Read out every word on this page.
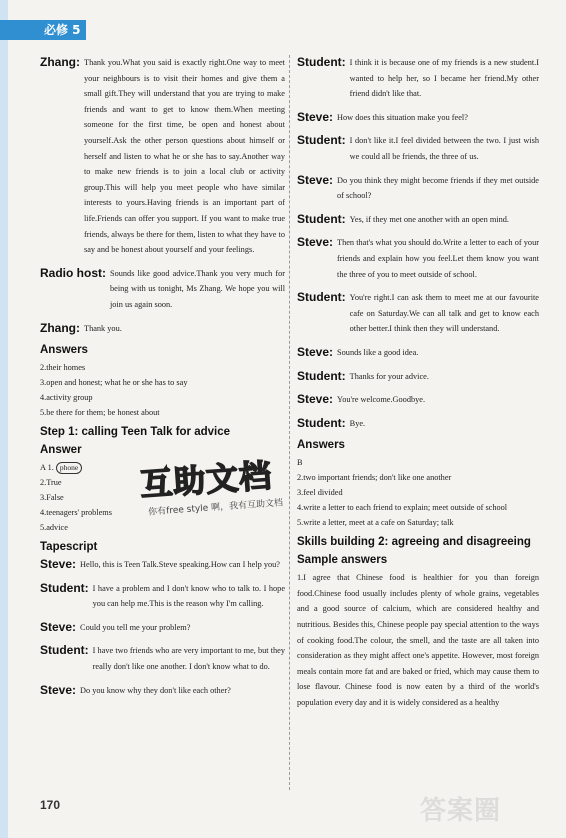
必修 5
Zhang: Thank you.What you said is exactly right.One way to meet your neighbours is to visit their homes and give them a small gift.They will understand that you are trying to make friends and want to get to know them.When meeting someone for the first time, be open and honest about yourself.Ask the other person questions about himself or herself and listen to what he or she has to say.Another way to make new friends is to join a local club or activity group.This will help you meet people who have similar interests to yours.Having friends is an important part of life.Friends can offer you support. If you want to make true friends, always be there for them, listen to what they have to say and be honest about yourself and your feelings.
Radio host: Sounds like good advice.Thank you very much for being with us tonight, Ms Zhang. We hope you will join us again soon.
Zhang: Thank you.
Answers
2.their homes
3.open and honest; what he or she has to say
4.activity group
5.be there for them; be honest about
Step 1: calling Teen Talk for advice
Answer
A 1. phone
2.True
3.False
4.teenagers' problems
5.advice
Tapescript
Steve: Hello, this is Teen Talk.Steve speaking.How can I help you?
Student: I have a problem and I don't know who to talk to. I hope you can help me.This is the reason why I'm calling.
Steve: Could you tell me your problem?
Student: I have two friends who are very important to me, but they really don't like one another. I don't know what to do.
Steve: Do you know why they don't like each other?
Student: I think it is because one of my friends is a new student.I wanted to help her, so I became her friend.My other friend didn't like that.
Steve: How does this situation make you feel?
Student: I don't like it.I feel divided between the two. I just wish we could all be friends, the three of us.
Steve: Do you think they might become friends if they met outside of school?
Student: Yes, if they met one another with an open mind.
Steve: Then that's what you should do.Write a letter to each of your friends and explain how you feel.Let them know you want the three of you to meet outside of school.
Student: You're right.I can ask them to meet me at our favourite cafe on Saturday.We can all talk and get to know each other better.I think then they will understand.
Steve: Sounds like a good idea.
Student: Thanks for your advice.
Steve: You're welcome.Goodbye.
Student: Bye.
Answers
B
2.two important friends; don't like one another
3.feel divided
4.write a letter to each friend to explain; meet outside of school
5.write a letter, meet at a cafe on Saturday; talk
Skills building 2: agreeing and disagreeing
Sample answers
1.I agree that Chinese food is healthier for you than foreign food.Chinese food usually includes plenty of whole grains, vegetables and a good source of calcium, which are considered healthy and nutritious. Besides this, Chinese people pay special attention to the ways of cooking food.The colour, the smell, and the taste are all taken into consideration as they might affect one's appetite. However, most foreign meals contain more fat and are baked or fried, which may cause them to lose flavour. Chinese food is now eaten by a third of the world's population every day and it is widely considered as a healthy
互助文档
你有free style 啊，我有互助文档
答案圈
170
